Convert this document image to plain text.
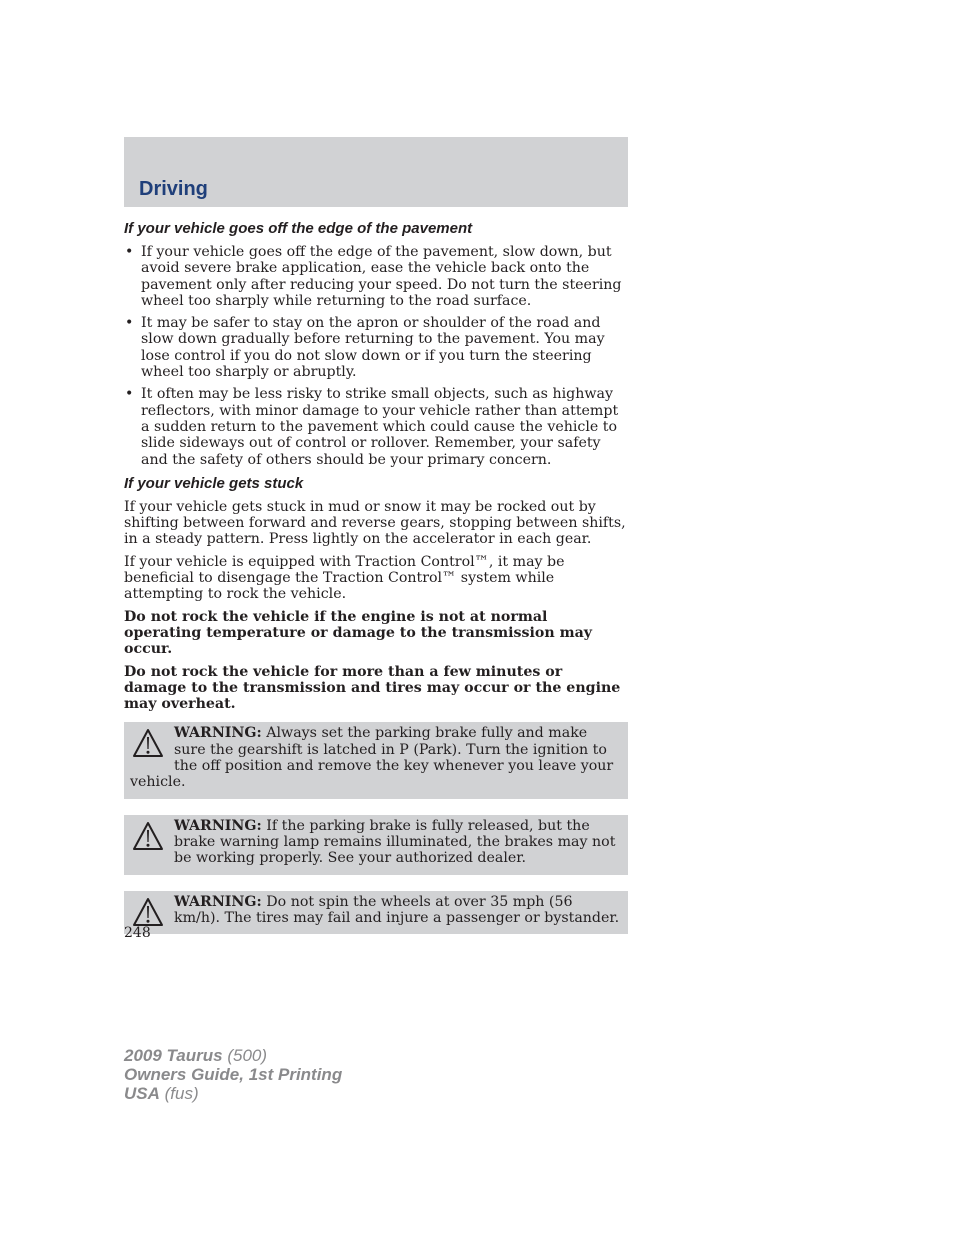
Driving
If your vehicle goes off the edge of the pavement
• If your vehicle goes off the edge of the pavement, slow down, but avoid severe brake application, ease the vehicle back onto the pavement only after reducing your speed. Do not turn the steering wheel too sharply while returning to the road surface.
• It may be safer to stay on the apron or shoulder of the road and slow down gradually before returning to the pavement. You may lose control if you do not slow down or if you turn the steering wheel too sharply or abruptly.
• It often may be less risky to strike small objects, such as highway reflectors, with minor damage to your vehicle rather than attempt a sudden return to the pavement which could cause the vehicle to slide sideways out of control or rollover. Remember, your safety and the safety of others should be your primary concern.
If your vehicle gets stuck

If your vehicle gets stuck in mud or snow it may be rocked out by shifting between forward and reverse gears, stopping between shifts, in a steady pattern. Press lightly on the accelerator in each gear.

If your vehicle is equipped with Traction Control™, it may be beneficial to disengage the Traction Control™ system while attempting to rock the vehicle.

Do not rock the vehicle if the engine is not at normal operating temperature or damage to the transmission may occur.

Do not rock the vehicle for more than a few minutes or damage to the transmission and tires may occur or the engine may overheat.

WARNING: Always set the parking brake fully and make sure the gearshift is latched in P (Park). Turn the ignition to the off position and remove the key whenever you leave your vehicle.
WARNING: If the parking brake is fully released, but the brake warning lamp remains illuminated, the brakes may not be working properly. See your authorized dealer.
WARNING: Do not spin the wheels at over 35 mph (56 km/h). The tires may fail and injure a passenger or bystander.
248
2009 Taurus (500)
Owners Guide, 1st Printing
USA (fus)
